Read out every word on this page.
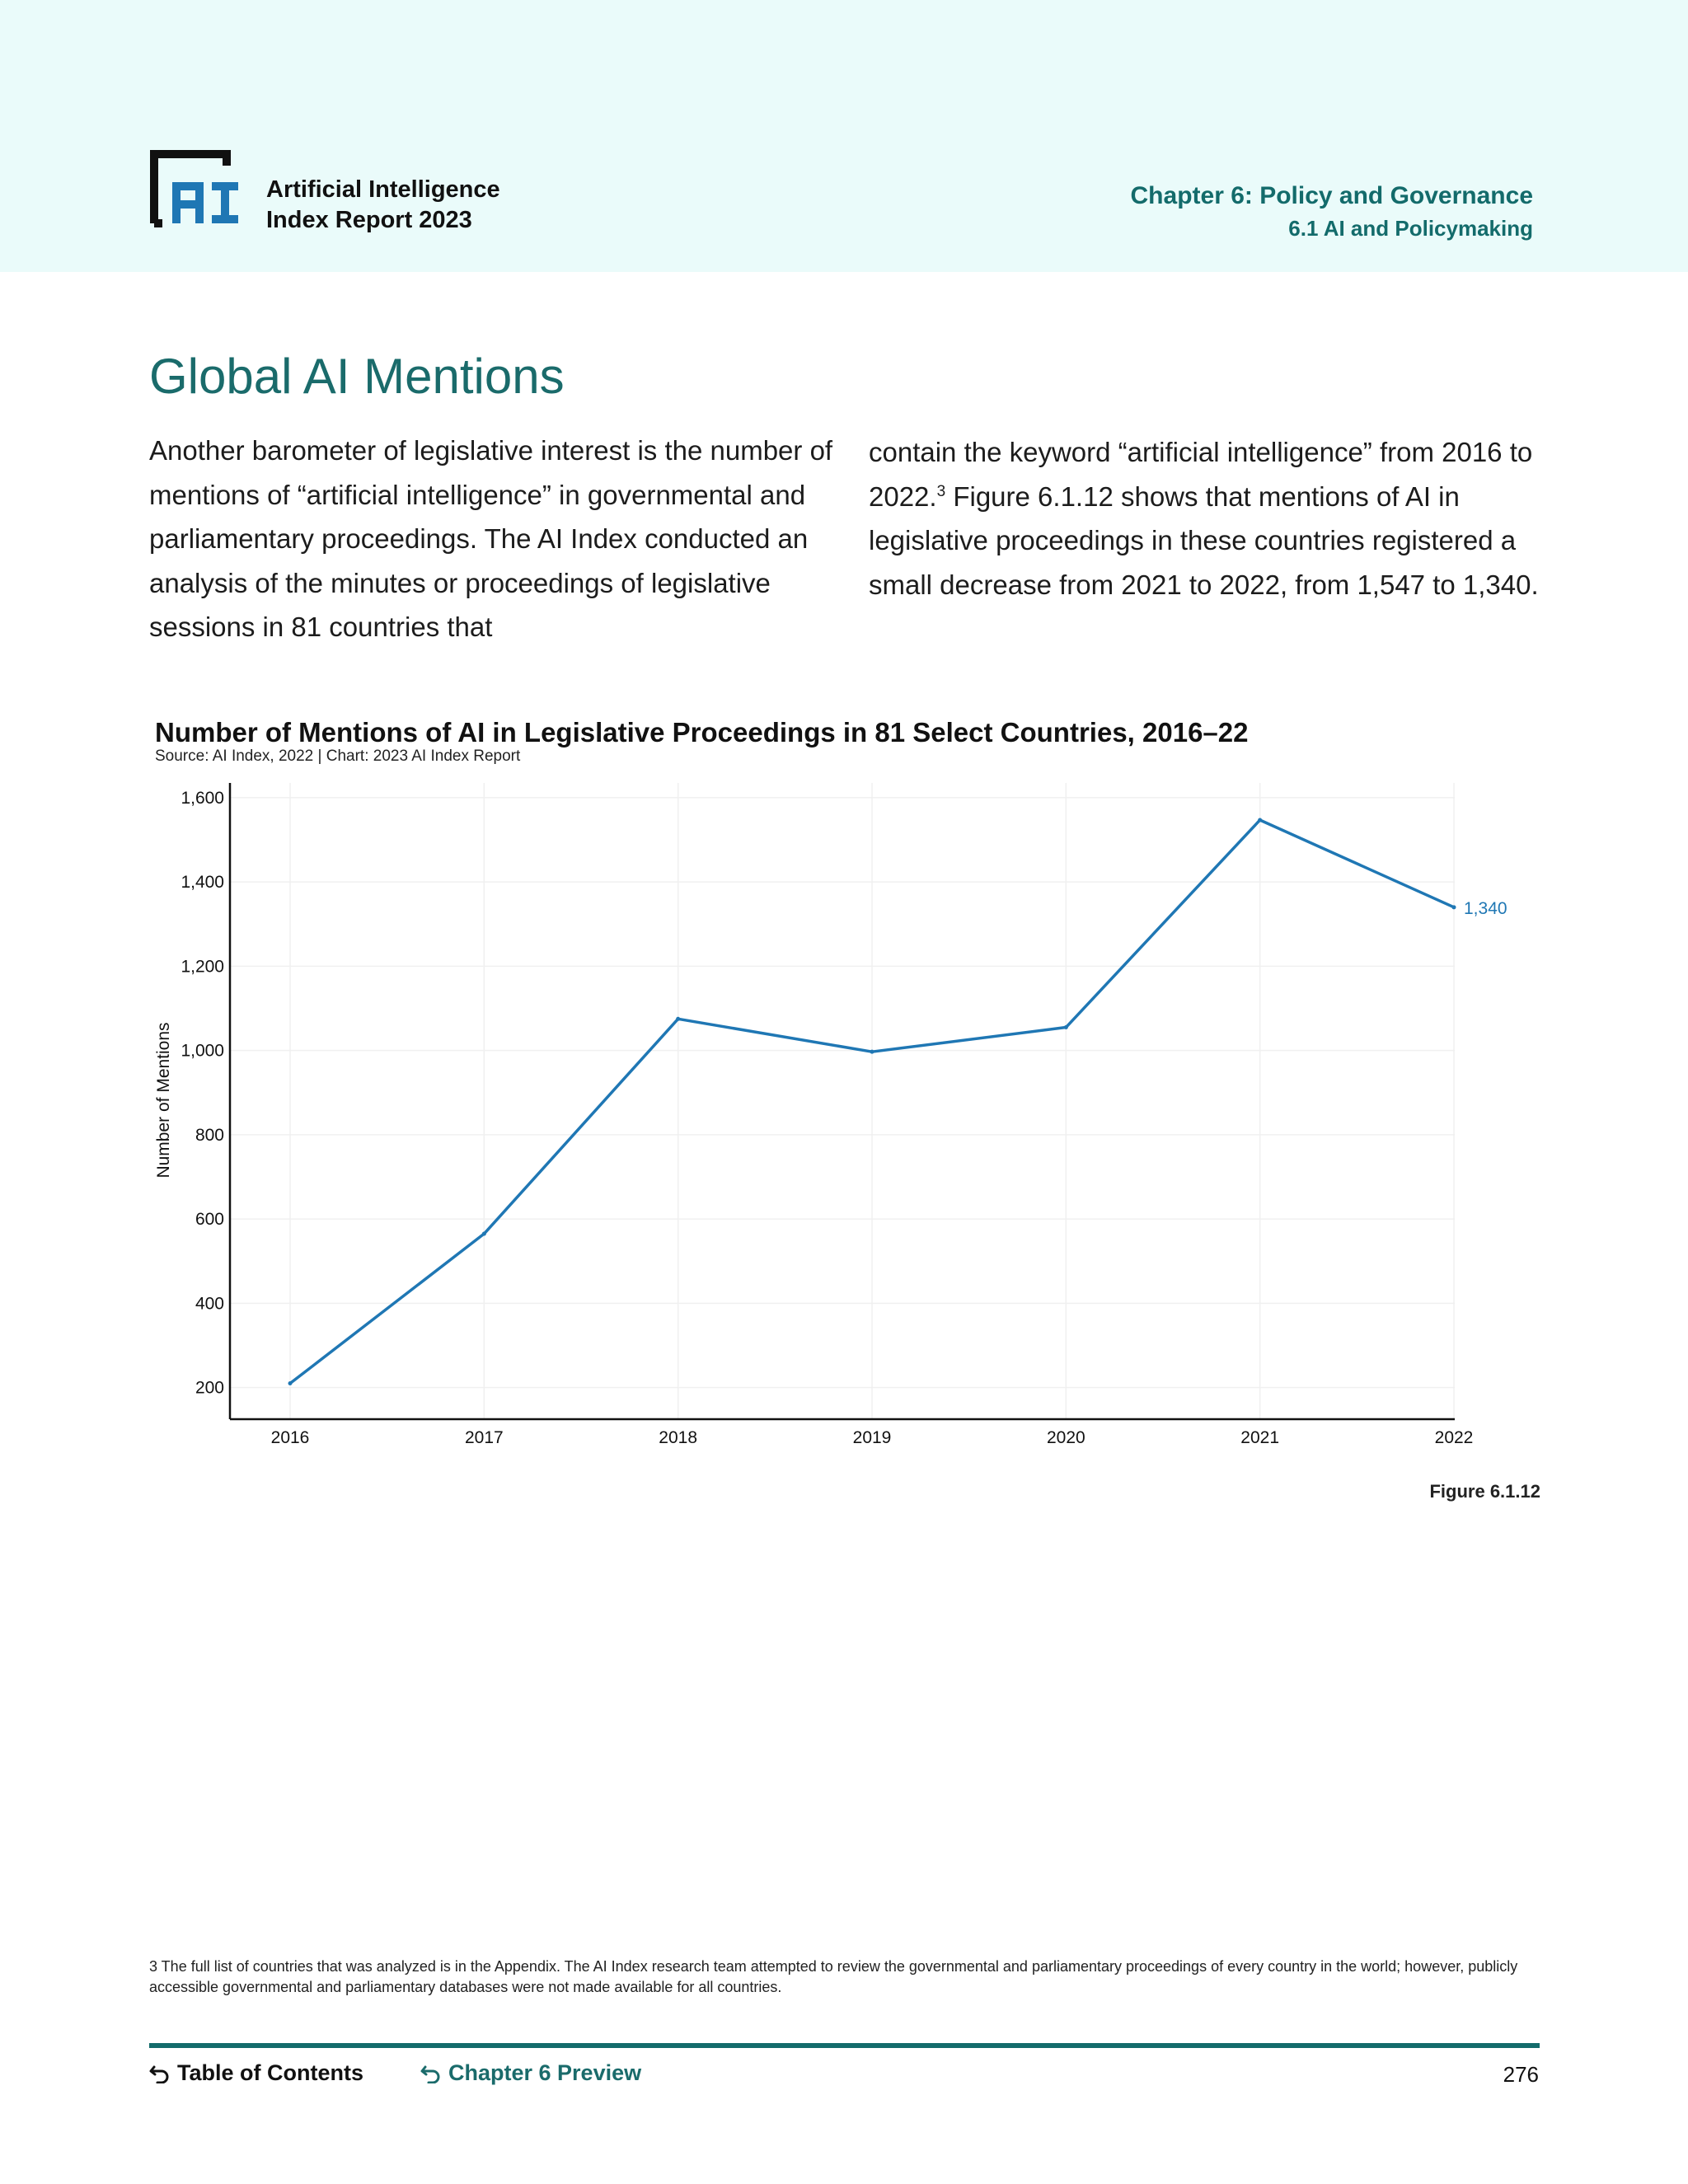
Artificial Intelligence
Index Report 2023
Chapter 6: Policy and Governance
6.1 AI and Policymaking
Global AI Mentions

Another barometer of legislative interest is the number of mentions of “artificial intelligence” in governmental and parliamentary proceedings. The AI Index conducted an analysis of the minutes or proceedings of legislative sessions in 81 countries that

contain the keyword “artificial intelligence” from 2016 to 2022.$^3$ Figure 6.1.12 shows that mentions of AI in legislative proceedings in these countries registered a small decrease from 2021 to 2022, from 1,547 to 1,340.

Number of Mentions of AI in Legislative Proceedings in 81 Select Countries, 2016–22
Source: AI Index, 2022 | Chart: 2023 AI Index Report
200
400
600
800
1,000
1,200
1,400
1,600
2016	2017	2018	2019	2020	2021	2022
1,340
Number of Mentions
Figure 6.1.12
3 The full list of countries that was analyzed is in the Appendix. The AI Index research team attempted to review the governmental and parliamentary proceedings of every country in the world; however, publicly accessible governmental and parliamentary databases were not made available for all countries.
Table of Contents	Chapter 6 Preview	276
